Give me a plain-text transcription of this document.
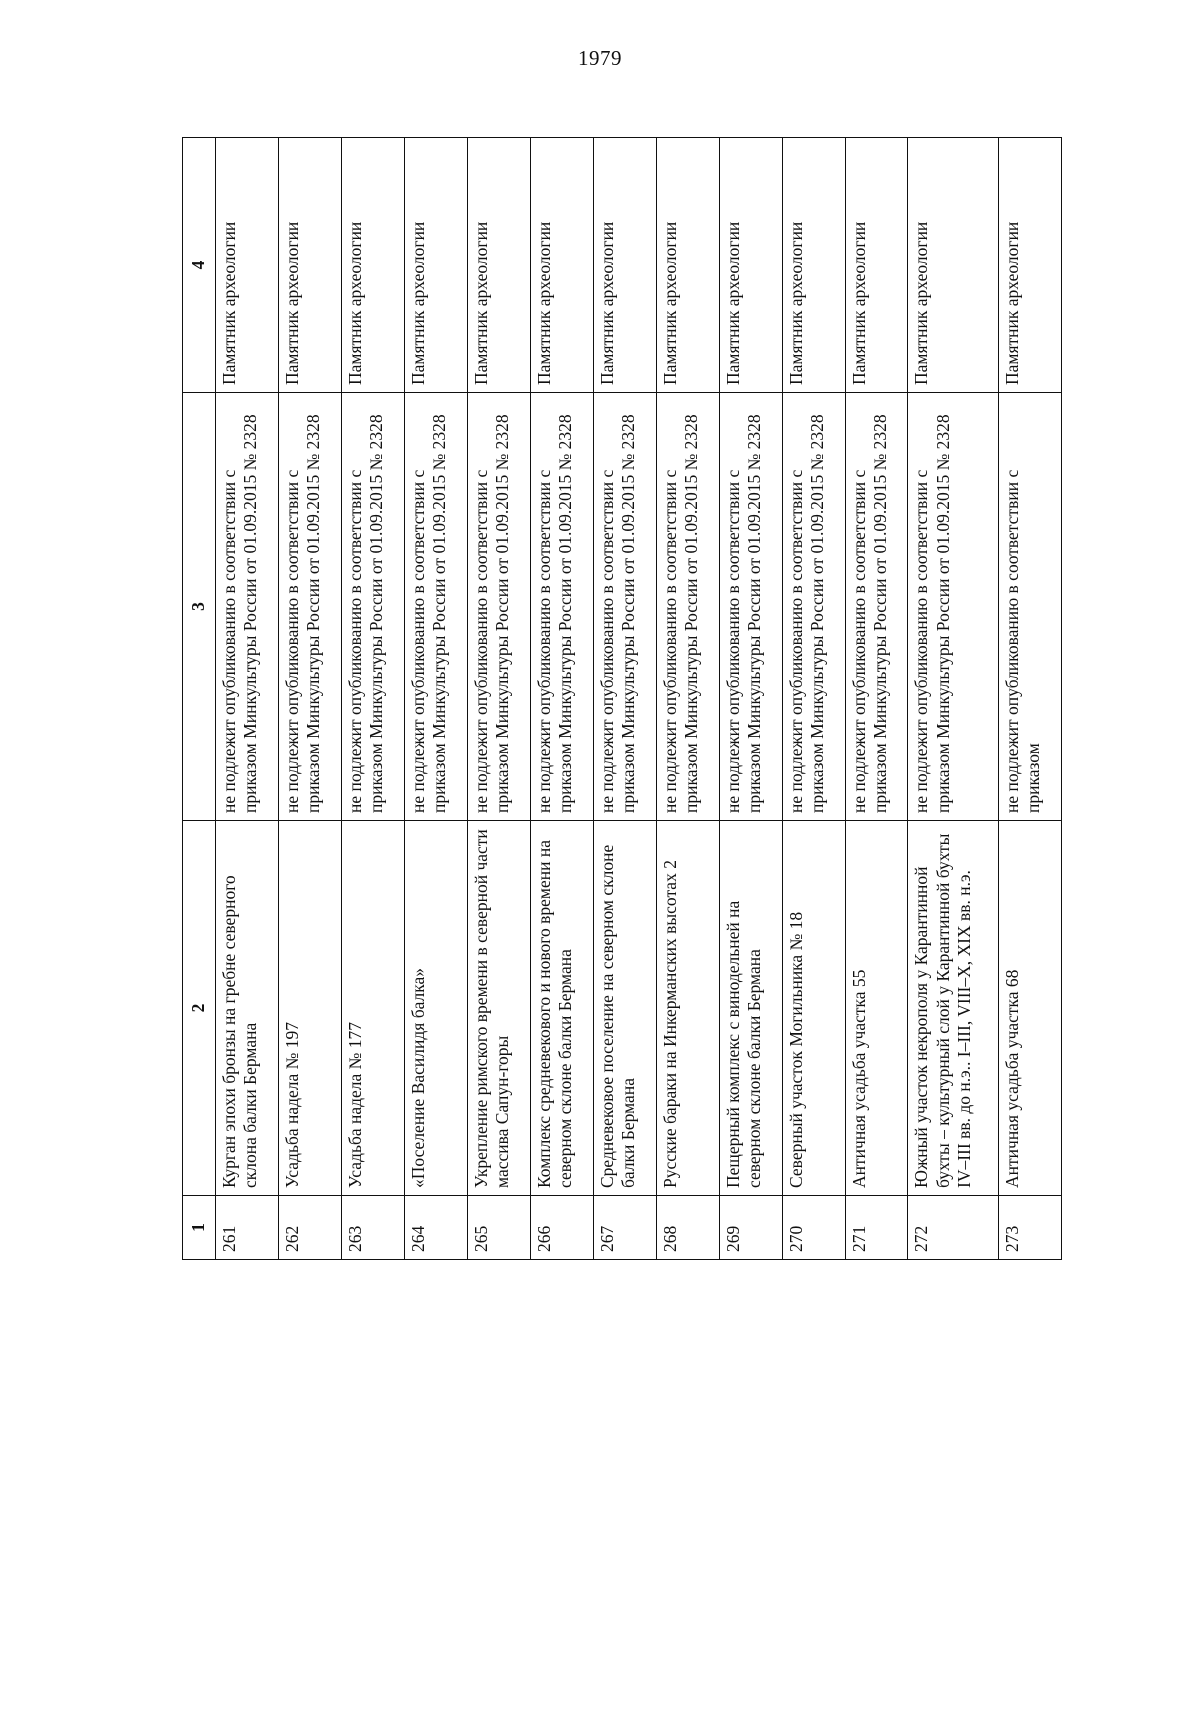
1979
1	2	3	4
261	Курган эпохи бронзы на гребне северного склона балки Бермана	не подлежит опубликованию в соответствии с приказом Минкультуры России от 01.09.2015 № 2328	Памятник археологии
262	Усадьба надела № 197	не подлежит опубликованию в соответствии с приказом Минкультуры России от 01.09.2015 № 2328	Памятник археологии
263	Усадьба надела № 177	не подлежит опубликованию в соответствии с приказом Минкультуры России от 01.09.2015 № 2328	Памятник археологии
264	«Поселение Василидя балка»	не подлежит опубликованию в соответствии с приказом Минкультуры России от 01.09.2015 № 2328	Памятник археологии
265	Укрепление римского времени в северной части массива Сапун-горы	не подлежит опубликованию в соответствии с приказом Минкультуры России от 01.09.2015 № 2328	Памятник археологии
266	Комплекс средневекового и нового времени на северном склоне балки Бермана	не подлежит опубликованию в соответствии с приказом Минкультуры России от 01.09.2015 № 2328	Памятник археологии
267	Средневековое поселение на северном склоне балки Бермана	не подлежит опубликованию в соответствии с приказом Минкультуры России от 01.09.2015 № 2328	Памятник археологии
268	Русские бараки на Инкерманских высотах 2	не подлежит опубликованию в соответствии с приказом Минкультуры России от 01.09.2015 № 2328	Памятник археологии
269	Пещерный комплекс с винодельней на северном склоне балки Бермана	не подлежит опубликованию в соответствии с приказом Минкультуры России от 01.09.2015 № 2328	Памятник археологии
270	Северный участок Могильника № 18	не подлежит опубликованию в соответствии с приказом Минкультуры России от 01.09.2015 № 2328	Памятник археологии
271	Античная усадьба участка 55	не подлежит опубликованию в соответствии с приказом Минкультуры России от 01.09.2015 № 2328	Памятник археологии
272	Южный участок некрополя у Карантинной бухты – культурный слой у Карантинной бухты IV–III вв. до н.э.. I–III, VIII–X, XIX вв. н.э.	не подлежит опубликованию в соответствии с приказом Минкультуры России от 01.09.2015 № 2328	Памятник археологии
273	Античная усадьба участка 68	не подлежит опубликованию в соответствии с приказом	Памятник археологии
